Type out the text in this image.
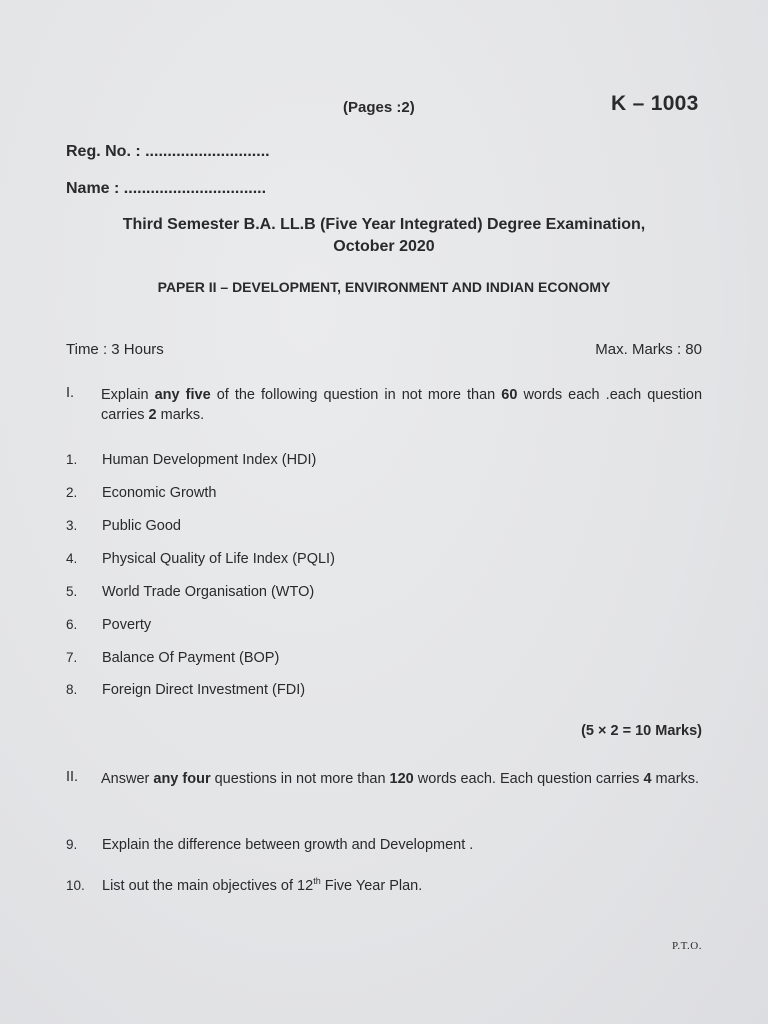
(Pages :2)	K – 1003
Reg. No. : ............................
Name : ................................
Third Semester B.A. LL.B (Five Year Integrated) Degree Examination,
October 2020
PAPER II – DEVELOPMENT, ENVIRONMENT AND INDIAN ECONOMY
Time : 3 Hours	Max. Marks : 80
I. Explain any five of the following question in not more than 60 words each .each question carries 2 marks.
1. Human Development Index (HDI)
2. Economic Growth
3. Public Good
4. Physical Quality of Life Index (PQLI)
5. World Trade Organisation (WTO)
6. Poverty
7. Balance Of Payment (BOP)
8. Foreign Direct Investment (FDI)
(5 × 2 = 10 Marks)
II. Answer any four questions in not more than 120 words each. Each question carries 4 marks.
9. Explain the difference between growth and Development .
10. List out the main objectives of 12th Five Year Plan.
P.T.O.
